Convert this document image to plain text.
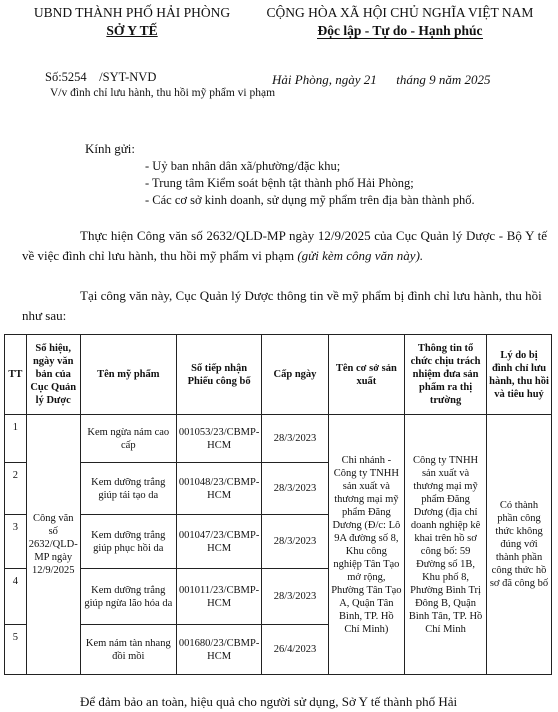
UBND THÀNH PHỐ HẢI PHÒNG
SỞ Y TẾ
CỘNG HÒA XÃ HỘI CHỦ NGHĨA VIỆT NAM
Độc lập - Tự do - Hạnh phúc
Số:5254    /SYT-NVD
V/v đình chỉ lưu hành, thu hồi mỹ phẩm vi phạm
Hải Phòng, ngày 21      tháng 9 năm 2025
Kính gửi:
- Uỷ ban nhân dân xã/phường/đặc khu;
- Trung tâm Kiểm soát bệnh tật thành phố Hải Phòng;
- Các cơ sở kinh doanh, sử dụng mỹ phẩm trên địa bàn thành phố.
Thực hiện Công văn số 2632/QLD-MP ngày 12/9/2025 của Cục Quản lý Dược - Bộ Y tế về việc đình chỉ lưu hành, thu hồi mỹ phẩm vi phạm (gửi kèm công văn này).
Tại công văn này, Cục Quản lý Dược thông tin về mỹ phẩm bị đình chỉ lưu hành, thu hồi như sau:
TT	Số hiệu, ngày văn bản của Cục Quản lý Dược	Tên mỹ phẩm	Số tiếp nhận Phiếu công bố	Cấp ngày	Tên cơ sở sản xuất	Thông tin tổ chức chịu trách nhiệm đưa sản phẩm ra thị trường	Lý do bị đình chỉ lưu hành, thu hồi và tiêu huỷ
1	Công văn số 2632/QLD-MP ngày 12/9/2025	Kem ngừa nám cao cấp	001053/23/CBMP-HCM	28/3/2023	Chi nhánh - Công ty TNHH sản xuất và thương mại mỹ phẩm Đăng Dương (Đ/c: Lô 9A đường số 8, Khu công nghiệp Tân Tạo mở rộng, Phường Tân Tạo A, Quận Tân Bình, TP. Hồ Chí Minh)	Công ty TNHH sản xuất và thương mại mỹ phẩm Đăng Dương (địa chỉ doanh nghiệp kê khai trên hồ sơ công bố: 59 Đường số 1B, Khu phố 8, Phường Bình Trị Đông B, Quận Bình Tân, TP. Hồ Chí Minh	Có thành phần công thức không đúng với thành phần công thức hồ sơ đã công bố
2		Kem dưỡng trắng giúp tái tạo da	001048/23/CBMP-HCM	28/3/2023			
3		Kem dưỡng trắng giúp phục hồi da	001047/23/CBMP-HCM	28/3/2023			
4		Kem dưỡng trắng giúp ngừa lão hóa da	001011/23/CBMP-HCM	28/3/2023			
5		Kem nám tàn nhang đồi mồi	001680/23/CBMP-HCM	26/4/2023			
Để đảm bảo an toàn, hiệu quả cho người sử dụng, Sở Y tế thành phố Hải
